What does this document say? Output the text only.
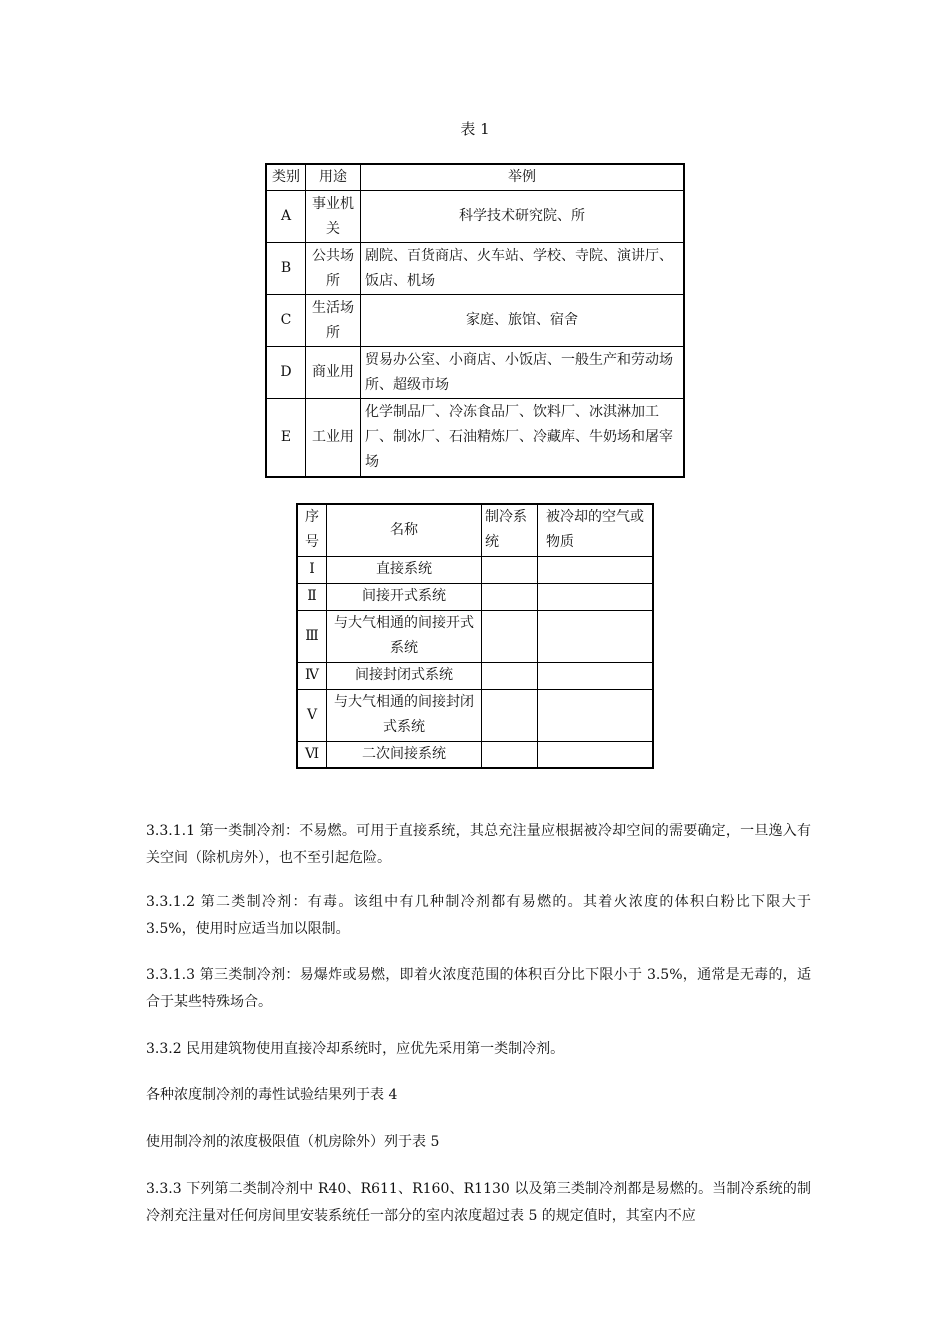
表 1
类别	用途	举例
A	事业机关	科学技术研究院、所
B	公共场所	剧院、百货商店、火车站、学校、寺院、演讲厅、饭店、机场
C	生活场所	家庭、旅馆、宿舍
D	商业用	贸易办公室、小商店、小饭店、一般生产和劳动场所、超级市场
E	工业用	化学制品厂、冷冻食品厂、饮料厂、冰淇淋加工厂、制冰厂、石油精炼厂、冷藏库、牛奶场和屠宰场
序号	名称	制冷系统	被冷却的空气或物质
Ⅰ	直接系统		
Ⅱ	间接开式系统		
Ⅲ	与大气相通的间接开式系统		
Ⅳ	间接封闭式系统		
Ⅴ	与大气相通的间接封闭式系统		
Ⅵ	二次间接系统		

3.3.1.1 第一类制冷剂：不易燃。可用于直接系统，其总充注量应根据被冷却空间的需要确定，一旦逸入有关空间（除机房外），也不至引起危险。

3.3.1.2 第二类制冷剂：有毒。该组中有几种制冷剂都有易燃的。其着火浓度的体积白粉比下限大于 3.5%，使用时应适当加以限制。

3.3.1.3 第三类制冷剂：易爆炸或易燃，即着火浓度范围的体积百分比下限小于 3.5%，通常是无毒的，适合于某些特殊场合。

3.3.2 民用建筑物使用直接冷却系统时，应优先采用第一类制冷剂。

各种浓度制冷剂的毒性试验结果列于表 4

使用制冷剂的浓度极限值（机房除外）列于表 5

3.3.3 下列第二类制冷剂中 R40、R611、R160、R1130 以及第三类制冷剂都是易燃的。当制冷系统的制冷剂充注量对任何房间里安装系统任一部分的室内浓度超过表 5 的规定值时，其室内不应
